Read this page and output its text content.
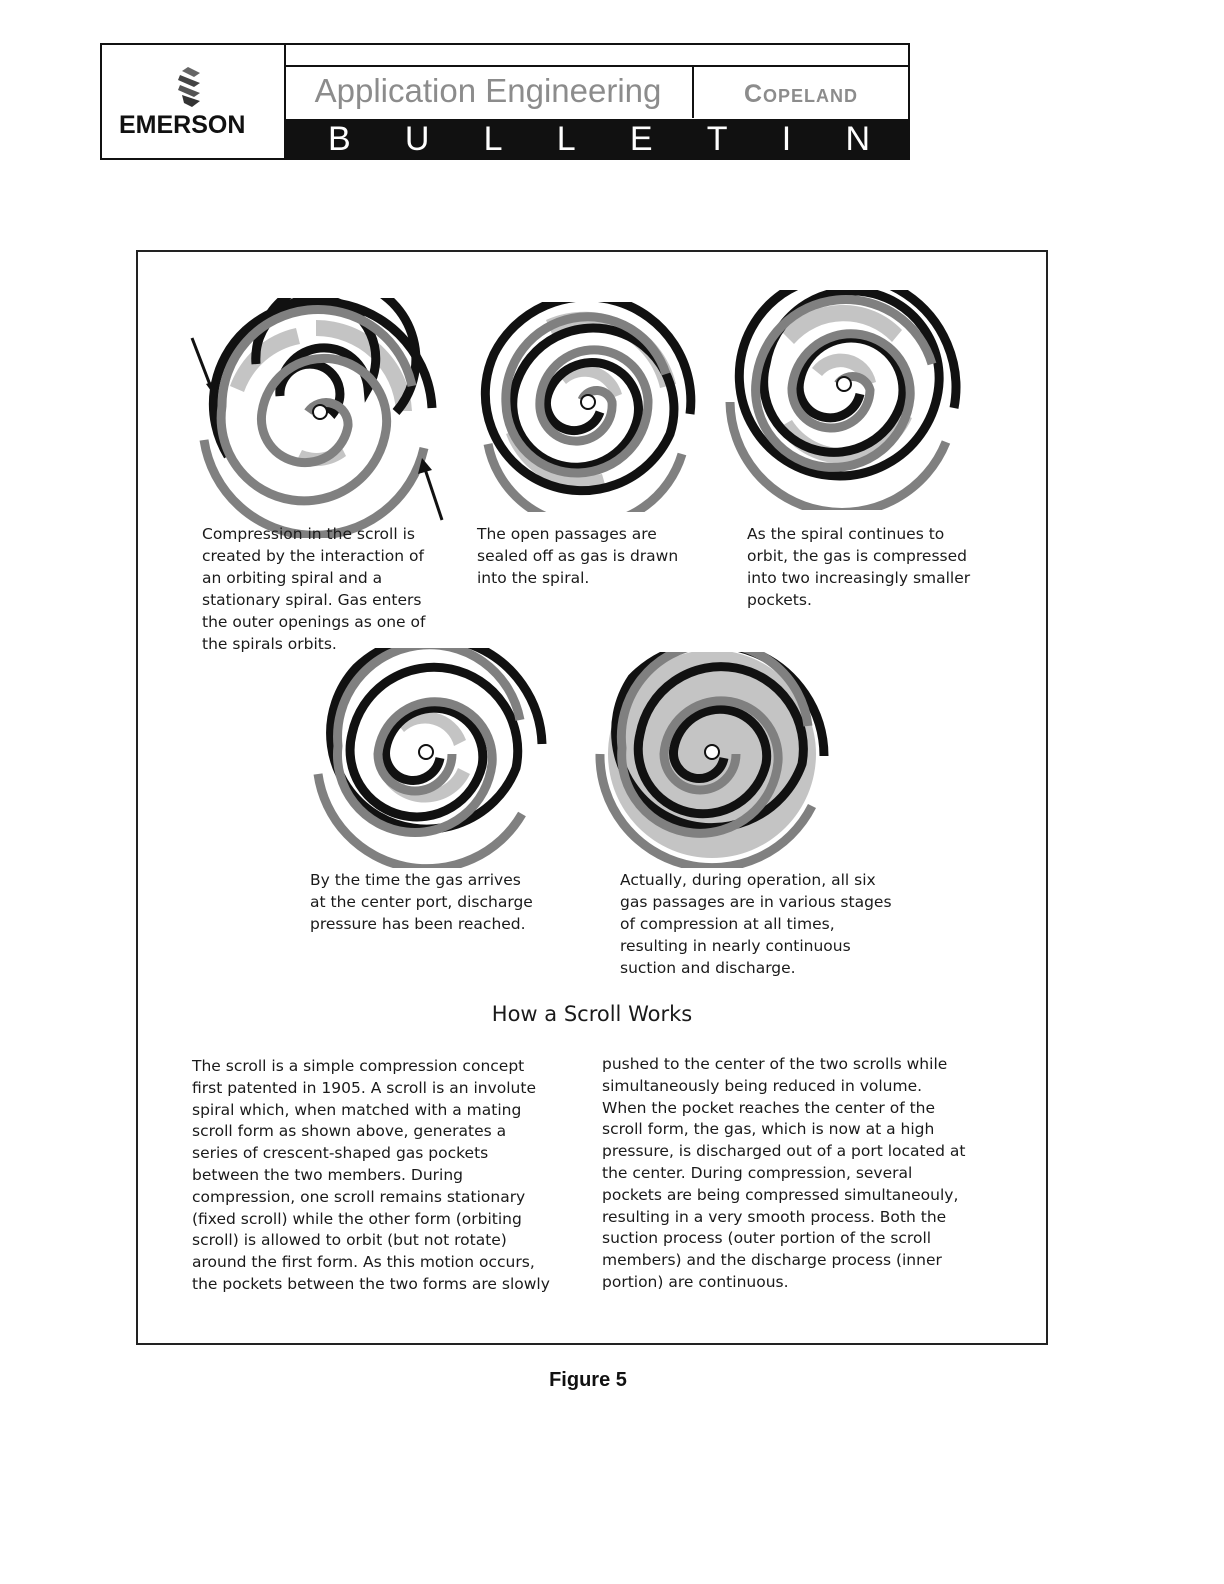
EMERSON
Application Engineering	Copeland
B U L L E T I N
Compression in the scroll is
created by the interaction of
an orbiting spiral and a
stationary spiral. Gas enters
the outer openings as one of
the spirals orbits.
The open passages are
sealed off as gas is drawn
into the spiral.
As the spiral continues to
orbit, the gas is compressed
into two increasingly smaller
pockets.
By the time the gas arrives
at the center port, discharge
pressure has been reached.
Actually, during operation, all six
gas passages are in various stages
of compression at all times,
resulting in nearly continuous
suction and discharge.
How a Scroll Works
The scroll is a simple compression concept
first patented in 1905. A scroll is an involute
spiral which, when matched with a mating
scroll form as shown above, generates a
series of crescent-shaped gas pockets
between the two members. During
compression, one scroll remains stationary
(fixed scroll) while the other form (orbiting
scroll) is allowed to orbit (but not rotate)
around the first form. As this motion occurs,
the pockets between the two forms are slowly
pushed to the center of the two scrolls while
simultaneously being reduced in volume.
When the pocket reaches the center of the
scroll form, the gas, which is now at a high
pressure, is discharged out of a port located at
the center. During compression, several
pockets are being compressed simultaneouly,
resulting in a very smooth process. Both the
suction process (outer portion of the scroll
members) and the discharge process (inner
portion) are continuous.
Figure 5
